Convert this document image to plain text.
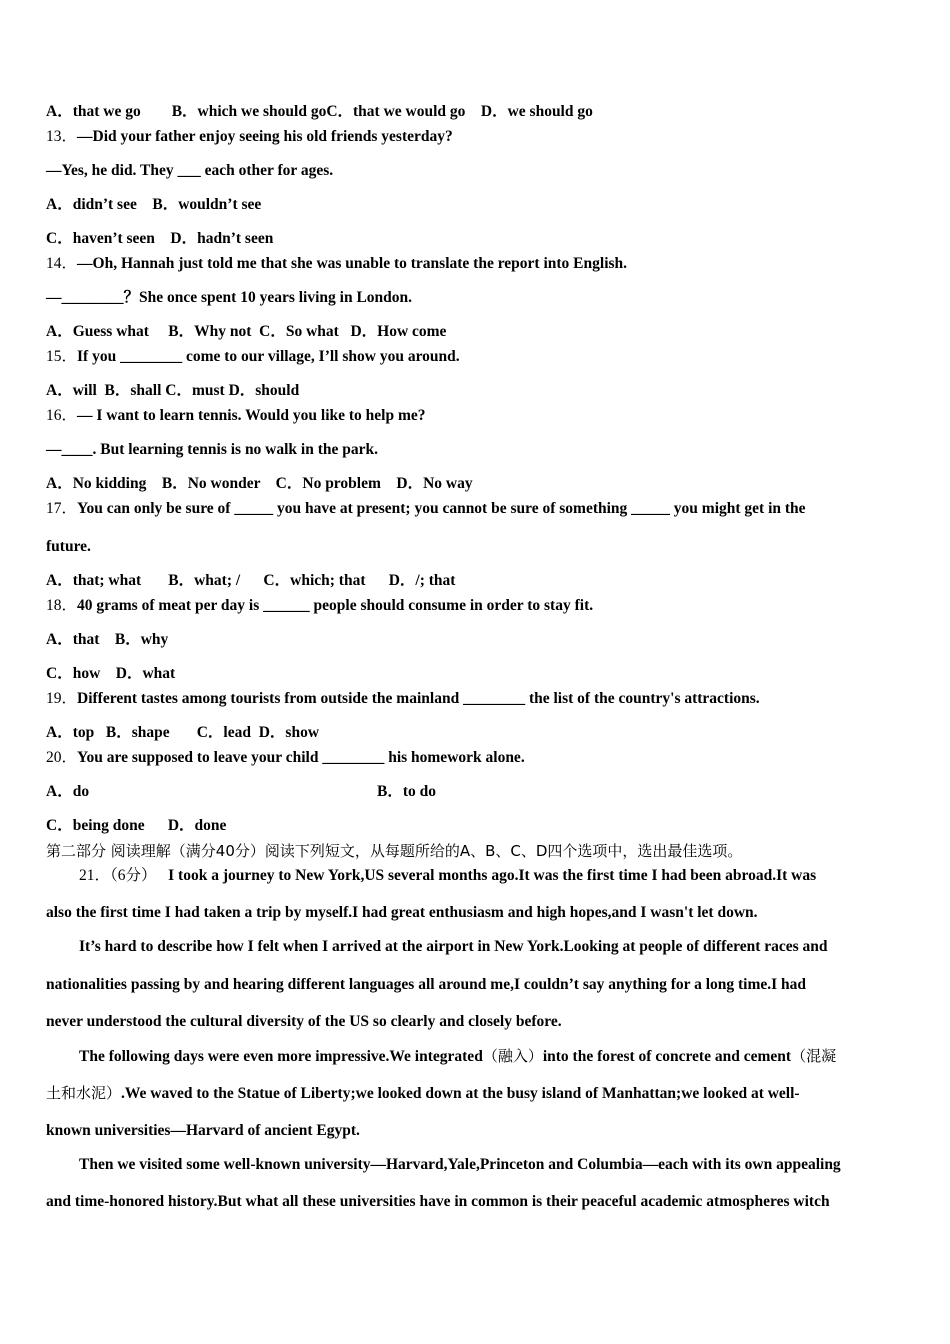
A．that we go        B．which we should goC．that we would go    D．we should go
13．—Did your father enjoy seeing his old friends yesterday?
—Yes, he did. They ___ each other for ages.
A．didn’t see    B．wouldn’t see
C．haven’t seen    D．hadn’t seen
14．—Oh, Hannah just told me that she was unable to translate the report into English.
—________？She once spent 10 years living in London.
A．Guess what     B．Why not  C．So what   D．How come
15．If you ________ come to our village, I’ll show you around.
A．will  B．shall C．must D．should
16．— I want to learn tennis. Would you like to help me?
—____. But learning tennis is no walk in the park.
A．No kidding    B．No wonder    C．No problem    D．No way
17．You can only be sure of _____ you have at present; you cannot be sure of something _____ you might get in the
future.
A．that; what       B．what; /      C．which; that      D．/; that
18．40 grams of meat per day is ______ people should consume in order to stay fit.
A．that    B．why
C．how    D．what
19．Different tastes among tourists from outside the mainland ________ the list of the country's attractions.
A．top   B．shape       C．lead  D．show
20．You are supposed to leave your child ________ his homework alone.
A．do	B．to do
C．being done      D．done
第二部分 阅读理解（满分40分）阅读下列短文，从每题所给的A、B、C、D四个选项中，选出最佳选项。
21．（6分） I took a journey to New York,US several months ago.It was the first time I had been abroad.It was
also the first time I had taken a trip by myself.I had great enthusiasm and high hopes,and I wasn't let down.
It’s hard to describe how I felt when I arrived at the airport in New York.Looking at people of different races and
nationalities passing by and hearing different languages all around me,I couldn’t say anything for a long time.I had
never understood the cultural diversity of the US so clearly and closely before.
The following days were even more impressive.We integrated（融入）into the forest of concrete and cement（混凝
土和水泥）.We waved to the Statue of Liberty;we looked down at the busy island of Manhattan;we looked at well-
known universities—Harvard of ancient Egypt.
Then we visited some well-known university—Harvard,Yale,Princeton and Columbia—each with its own appealing
and time-honored history.But what all these universities have in common is their peaceful academic atmospheres witch
